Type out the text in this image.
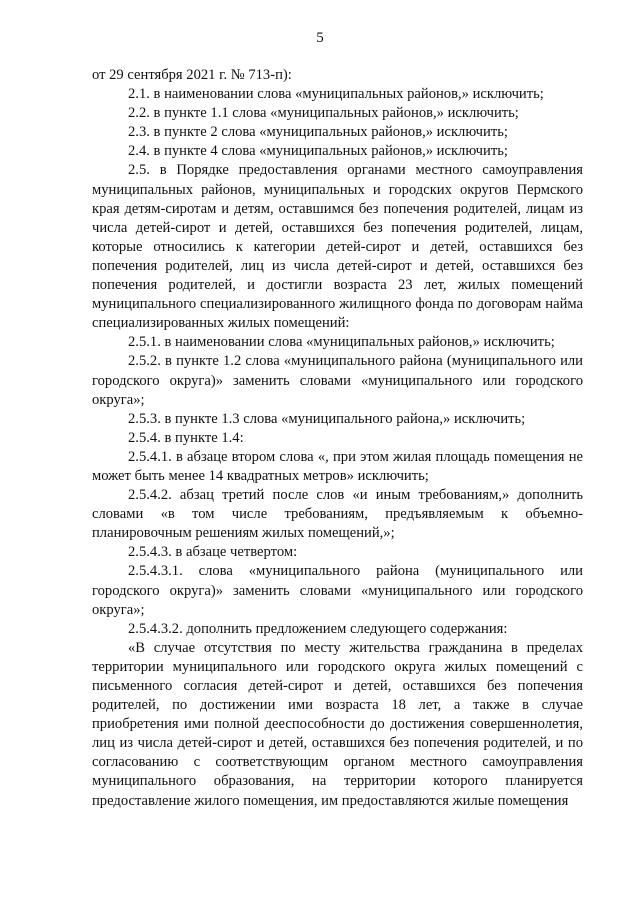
5

от 29 сентября 2021 г. № 713-п):

2.1. в наименовании слова «муниципальных районов,» исключить;

2.2. в пункте 1.1 слова «муниципальных районов,» исключить;

2.3. в пункте 2 слова «муниципальных районов,» исключить;

2.4. в пункте 4 слова «муниципальных районов,» исключить;

2.5. в Порядке предоставления органами местного самоуправления муниципальных районов, муниципальных и городских округов Пермского края детям-сиротам и детям, оставшимся без попечения родителей, лицам из числа детей-сирот и детей, оставшихся без попечения родителей, лицам, которые относились к категории детей-сирот и детей, оставшихся без попечения родителей, лиц из числа детей-сирот и детей, оставшихся без попечения родителей, и достигли возраста 23 лет, жилых помещений муниципального специализированного жилищного фонда по договорам найма специализированных жилых помещений:

2.5.1. в наименовании слова «муниципальных районов,» исключить;

2.5.2. в пункте 1.2 слова «муниципального района (муниципального или городского округа)» заменить словами «муниципального или городского округа»;

2.5.3. в пункте 1.3 слова «муниципального района,» исключить;

2.5.4. в пункте 1.4:

2.5.4.1. в абзаце втором слова «, при этом жилая площадь помещения не может быть менее 14 квадратных метров» исключить;

2.5.4.2. абзац третий после слов «и иным требованиям,» дополнить словами «в том числе требованиям, предъявляемым к объемно-планировочным решениям жилых помещений,»;

2.5.4.3. в абзаце четвертом:

2.5.4.3.1. слова «муниципального района (муниципального или городского округа)» заменить словами «муниципального или городского округа»;

2.5.4.3.2. дополнить предложением следующего содержания:

«В случае отсутствия по месту жительства гражданина в пределах территории муниципального или городского округа жилых помещений с письменного согласия детей-сирот и детей, оставшихся без попечения родителей, по достижении ими возраста 18 лет, а также в случае приобретения ими полной дееспособности до достижения совершеннолетия, лиц из числа детей-сирот и детей, оставшихся без попечения родителей, и по согласованию с соответствующим органом местного самоуправления муниципального образования, на территории которого планируется предоставление жилого помещения, им предоставляются жилые помещения
